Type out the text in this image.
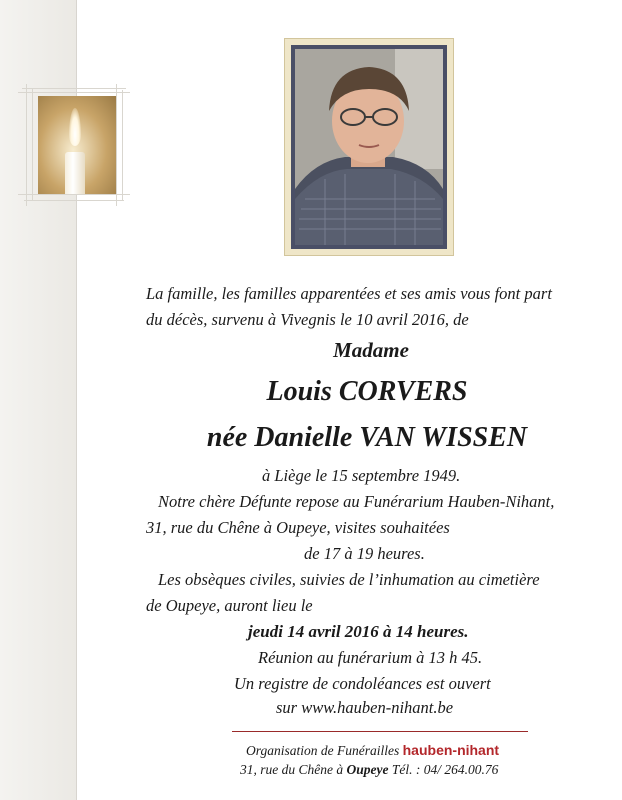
La famille, les familles apparentées et ses amis vous font part
du décès, survenu à Vivegnis le 10 avril 2016, de
Madame
Louis CORVERS
née Danielle VAN WISSEN
à Liège le 15 septembre 1949.
Notre chère Défunte repose au Funérarium Hauben-Nihant,
31, rue du Chêne à Oupeye, visites souhaitées
de 17 à 19 heures.
Les obsèques civiles, suivies de l’inhumation au cimetière
de Oupeye, auront lieu le
jeudi 14 avril 2016 à 14 heures.
Réunion au funérarium à 13 h 45.
Un registre de condoléances est ouvert
sur www.hauben-nihant.be
Organisation de Funérailles hauben-nihant
31, rue du Chêne à Oupeye Tél. : 04/ 264.00.76
